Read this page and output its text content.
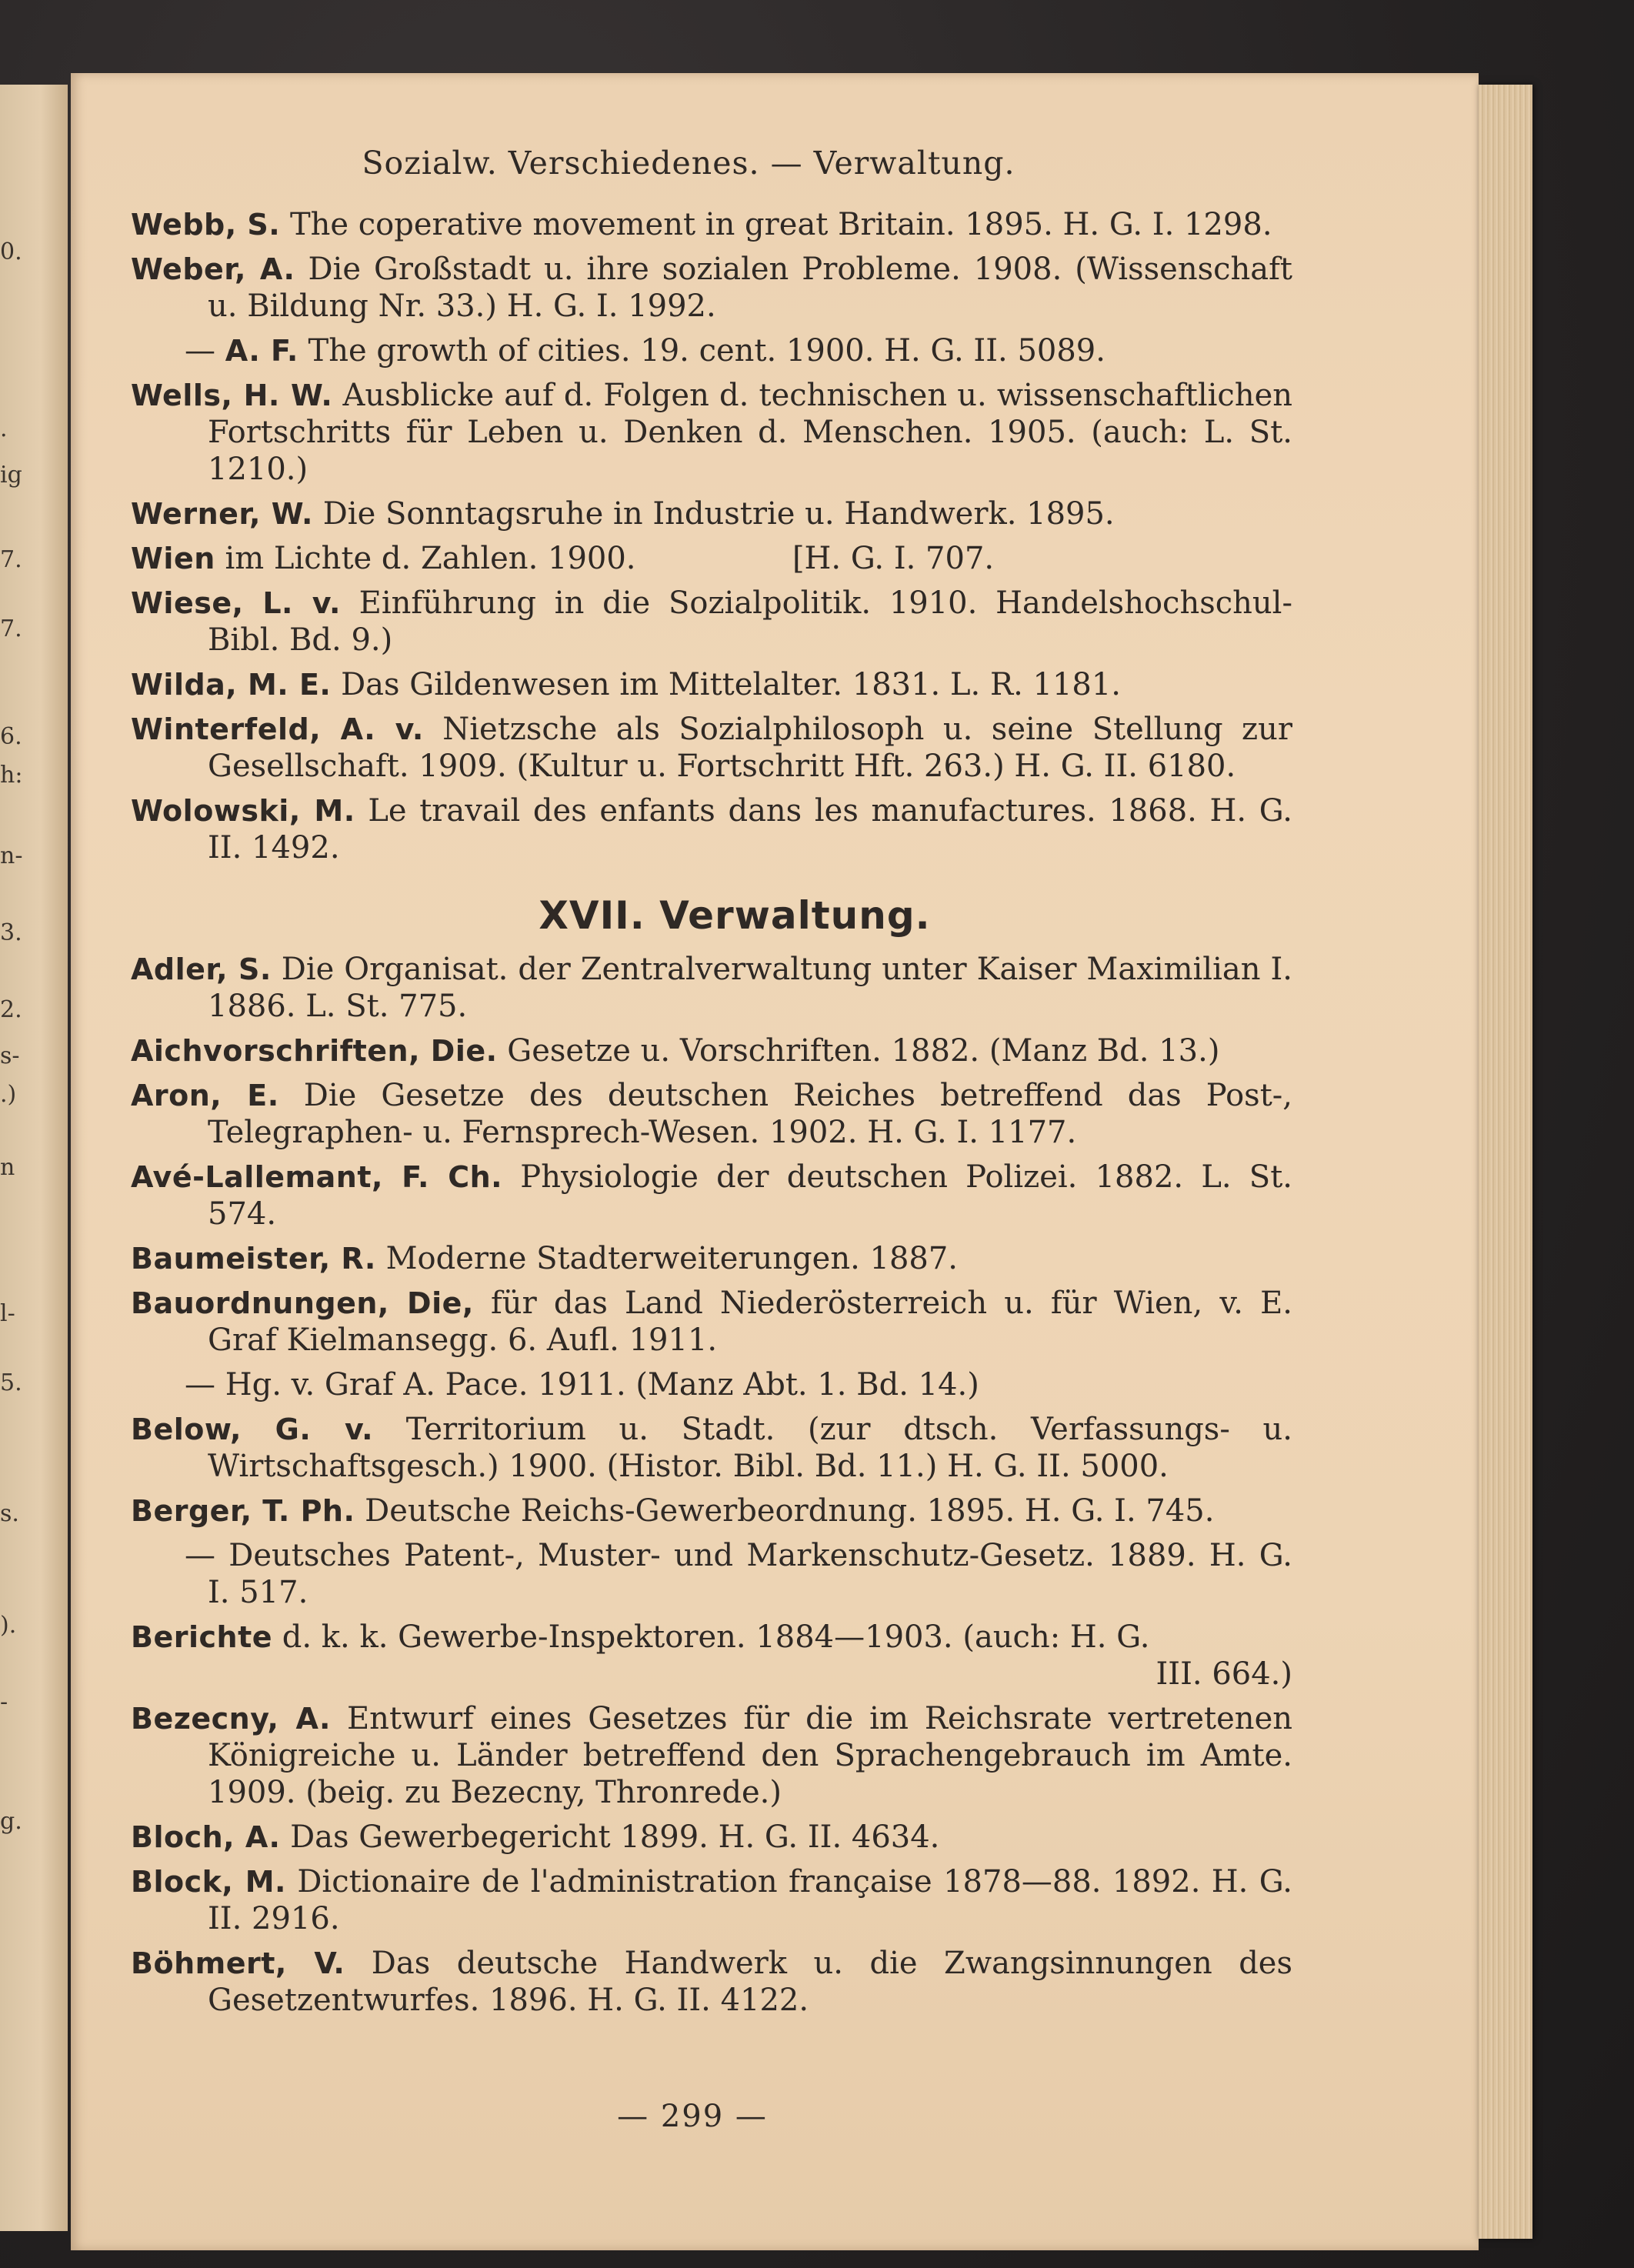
0.
.
ig
7.
7.
6.
h:
n-
3.
2.
s-
.)
n
l-
5.
s.
).
-
g.
Sozialw. Verschiedenes. — Verwaltung.
Webb, S. The coperative movement in great Britain. 1895. H. G. I. 1298.
Weber, A. Die Großstadt u. ihre sozialen Probleme. 1908. (Wissenschaft u. Bildung Nr. 33.) H. G. I. 1992.
— A. F. The growth of cities. 19. cent. 1900. H. G. II. 5089.
Wells, H. W. Ausblicke auf d. Folgen d. technischen u. wissenschaftlichen Fortschritts für Leben u. Denken d. Menschen. 1905. (auch: L. St. 1210.)
Werner, W. Die Sonntagsruhe in Industrie u. Handwerk. 1895.
Wien im Lichte d. Zahlen. 1900.                [H. G. I. 707.
Wiese, L. v. Einführung in die Sozialpolitik. 1910. Handelshochschul-Bibl. Bd. 9.)
Wilda, M. E. Das Gildenwesen im Mittelalter. 1831. L. R. 1181.
Winterfeld, A. v. Nietzsche als Sozialphilosoph u. seine Stellung zur Gesellschaft. 1909. (Kultur u. Fortschritt Hft. 263.) H. G. II. 6180.
Wolowski, M. Le travail des enfants dans les manufactures. 1868. H. G. II. 1492.
XVII. Verwaltung.
Adler, S. Die Organisat. der Zentralverwaltung unter Kaiser Maximilian I. 1886. L. St. 775.
Aichvorschriften, Die. Gesetze u. Vorschriften. 1882. (Manz Bd. 13.)
Aron, E. Die Gesetze des deutschen Reiches betreffend das Post-, Telegraphen- u. Fernsprech-Wesen. 1902. H. G. I. 1177.
Avé-Lallemant, F. Ch. Physiologie der deutschen Polizei. 1882. L. St. 574.
Baumeister, R. Moderne Stadterweiterungen. 1887.
Bauordnungen, Die, für das Land Niederösterreich u. für Wien, v. E. Graf Kielmansegg. 6. Aufl. 1911.
— Hg. v. Graf A. Pace. 1911. (Manz Abt. 1. Bd. 14.)
Below, G. v. Territorium u. Stadt. (zur dtsch. Verfassungs- u. Wirtschaftsgesch.) 1900. (Histor. Bibl. Bd. 11.) H. G. II. 5000.
Berger, T. Ph. Deutsche Reichs-Gewerbeordnung. 1895. H. G. I. 745.
— Deutsches Patent-, Muster- und Markenschutz-Gesetz. 1889. H. G. I. 517.
Berichte d. k. k. Gewerbe-Inspektoren. 1884—1903. (auch: H. G.
III. 664.)
Bezecny, A. Entwurf eines Gesetzes für die im Reichsrate vertretenen Königreiche u. Länder betreffend den Sprachengebrauch im Amte. 1909. (beig. zu Bezecny, Thronrede.)
Bloch, A. Das Gewerbegericht 1899. H. G. II. 4634.
Block, M. Dictionaire de l'administration française 1878—88. 1892. H. G. II. 2916.
Böhmert, V. Das deutsche Handwerk u. die Zwangsinnungen des Gesetzentwurfes. 1896. H. G. II. 4122.
— 299 —
